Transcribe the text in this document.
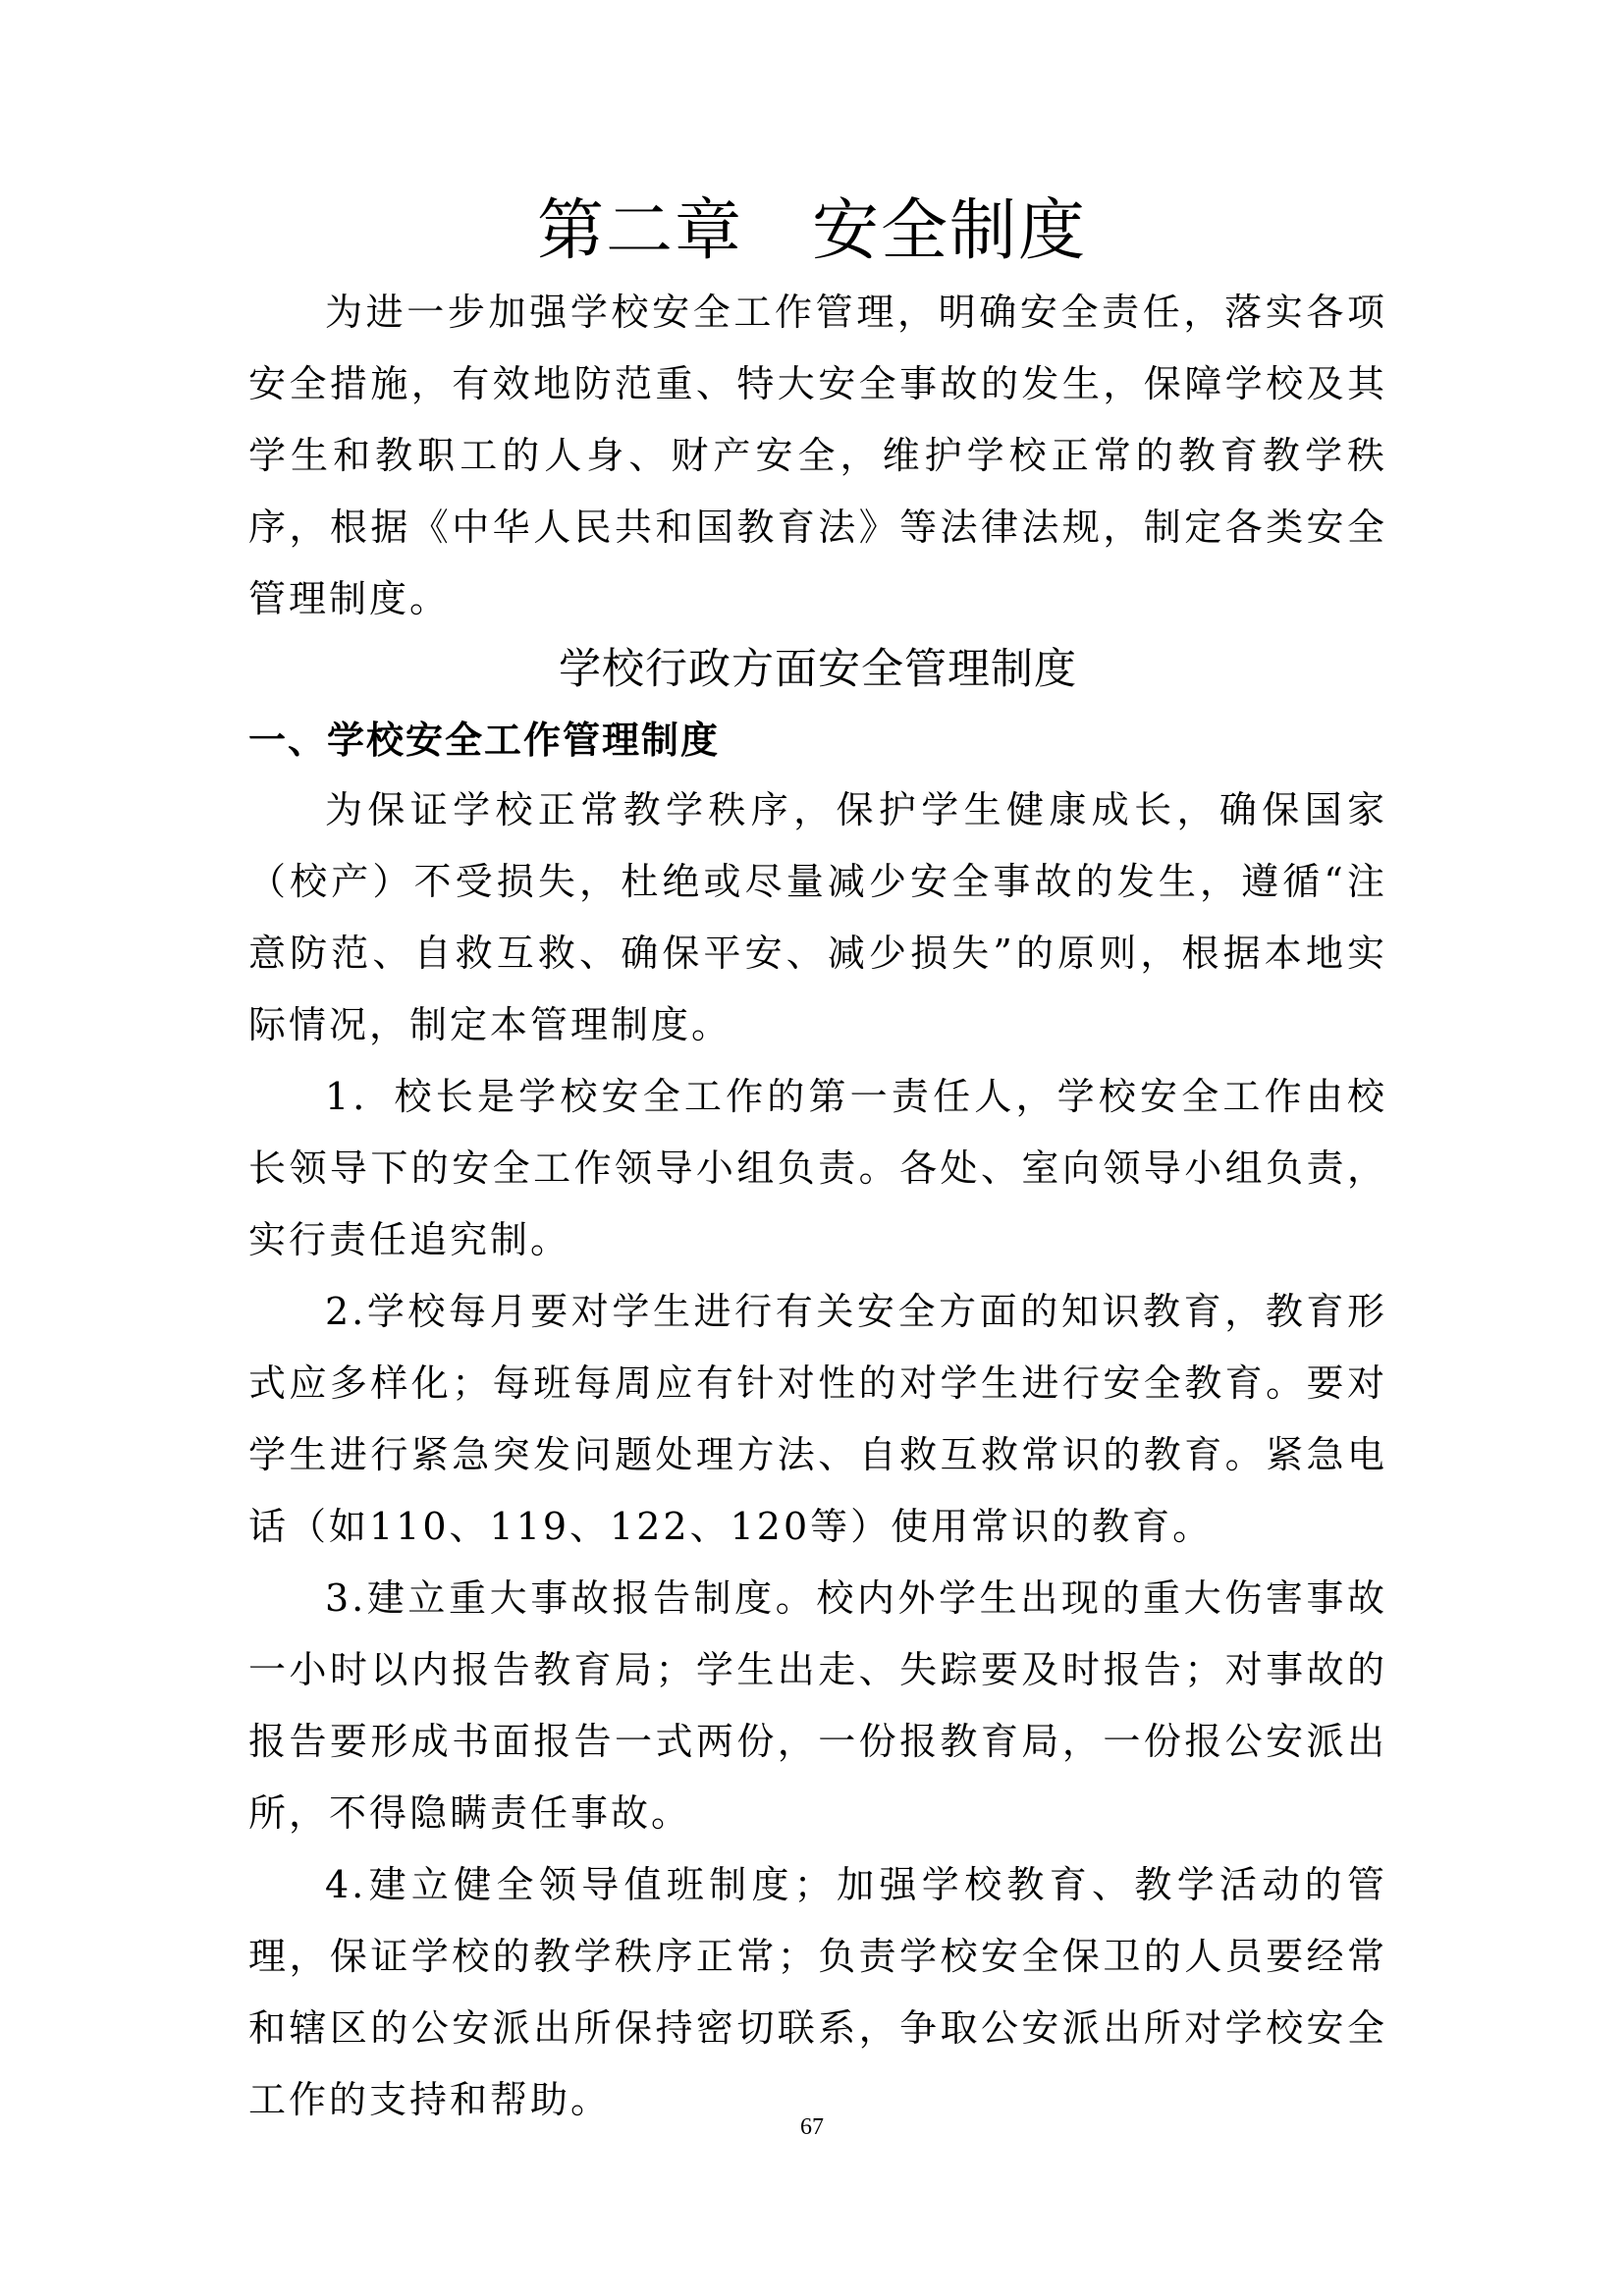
第二章　安全制度

为进一步加强学校安全工作管理，明确安全责任，落实各项安全措施，有效地防范重、特大安全事故的发生，保障学校及其学生和教职工的人身、财产安全，维护学校正常的教育教学秩序，根据《中华人民共和国教育法》等法律法规，制定各类安全管理制度。

学校行政方面安全管理制度
一、学校安全工作管理制度

为保证学校正常教学秩序，保护学生健康成长，确保国家（校产）不受损失，杜绝或尽量减少安全事故的发生，遵循“注意防范、自救互救、确保平安、减少损失”的原则，根据本地实际情况，制定本管理制度。

1．校长是学校安全工作的第一责任人，学校安全工作由校长领导下的安全工作领导小组负责。各处、室向领导小组负责，实行责任追究制。

2.学校每月要对学生进行有关安全方面的知识教育，教育形式应多样化；每班每周应有针对性的对学生进行安全教育。要对学生进行紧急突发问题处理方法、自救互救常识的教育。紧急电话（如110、119、122、120等）使用常识的教育。

3.建立重大事故报告制度。校内外学生出现的重大伤害事故一小时以内报告教育局；学生出走、失踪要及时报告；对事故的报告要形成书面报告一式两份，一份报教育局，一份报公安派出所，不得隐瞒责任事故。

4.建立健全领导值班制度；加强学校教育、教学活动的管理，保证学校的教学秩序正常；负责学校安全保卫的人员要经常和辖区的公安派出所保持密切联系，争取公安派出所对学校安全工作的支持和帮助。

67
